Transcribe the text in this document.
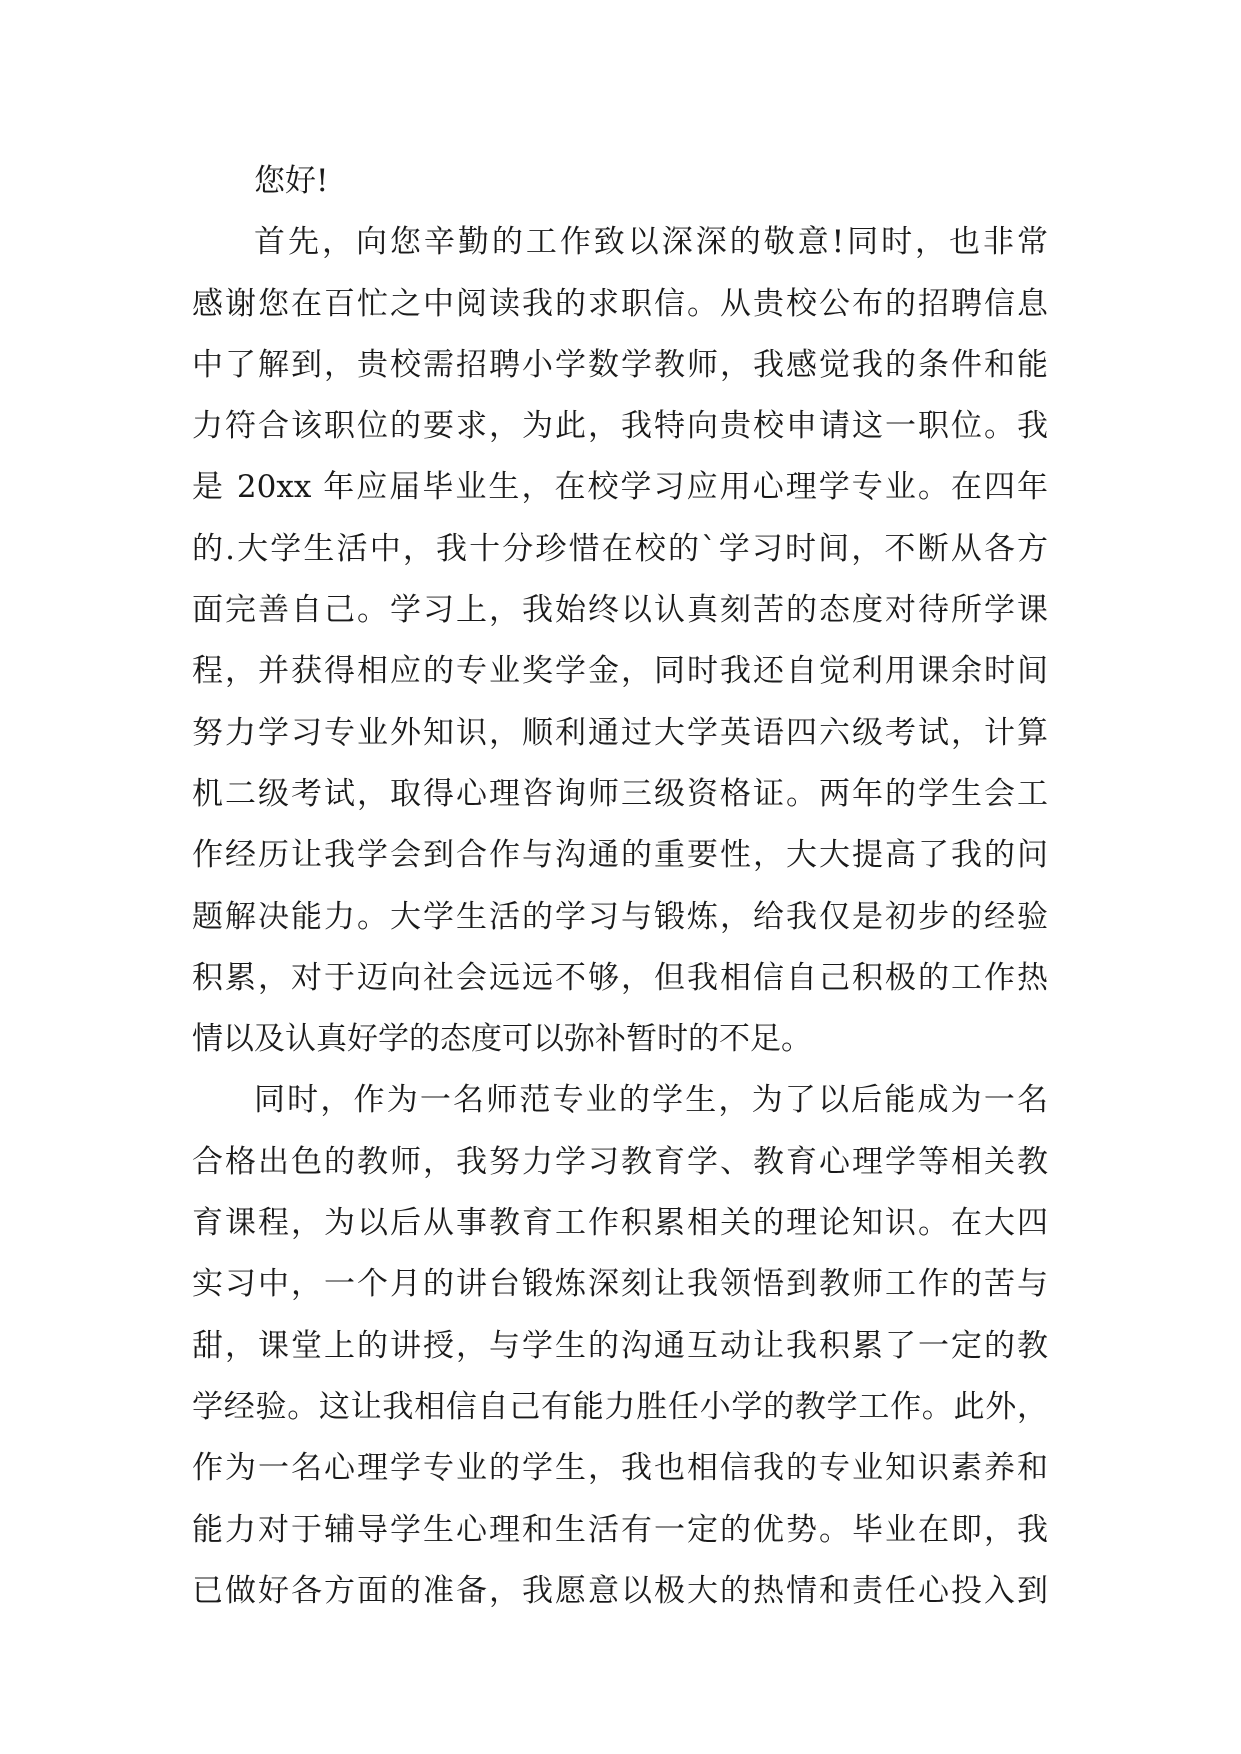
您好!
首先，向您辛勤的工作致以深深的敬意!同时，也非常
感谢您在百忙之中阅读我的求职信。从贵校公布的招聘信息
中了解到，贵校需招聘小学数学教师，我感觉我的条件和能
力符合该职位的要求，为此，我特向贵校申请这一职位。我
是 20xx 年应届毕业生，在校学习应用心理学专业。在四年
的.大学生活中，我十分珍惜在校的`学习时间，不断从各方
面完善自己。学习上，我始终以认真刻苦的态度对待所学课
程，并获得相应的专业奖学金，同时我还自觉利用课余时间
努力学习专业外知识，顺利通过大学英语四六级考试，计算
机二级考试，取得心理咨询师三级资格证。两年的学生会工
作经历让我学会到合作与沟通的重要性，大大提高了我的问
题解决能力。大学生活的学习与锻炼，给我仅是初步的经验
积累，对于迈向社会远远不够，但我相信自己积极的工作热
情以及认真好学的态度可以弥补暂时的不足。
同时，作为一名师范专业的学生，为了以后能成为一名
合格出色的教师，我努力学习教育学、教育心理学等相关教
育课程，为以后从事教育工作积累相关的理论知识。在大四
实习中，一个月的讲台锻炼深刻让我领悟到教师工作的苦与
甜，课堂上的讲授，与学生的沟通互动让我积累了一定的教
学经验。这让我相信自己有能力胜任小学的教学工作。此外，
作为一名心理学专业的学生，我也相信我的专业知识素养和
能力对于辅导学生心理和生活有一定的优势。毕业在即，我
已做好各方面的准备，我愿意以极大的热情和责任心投入到
